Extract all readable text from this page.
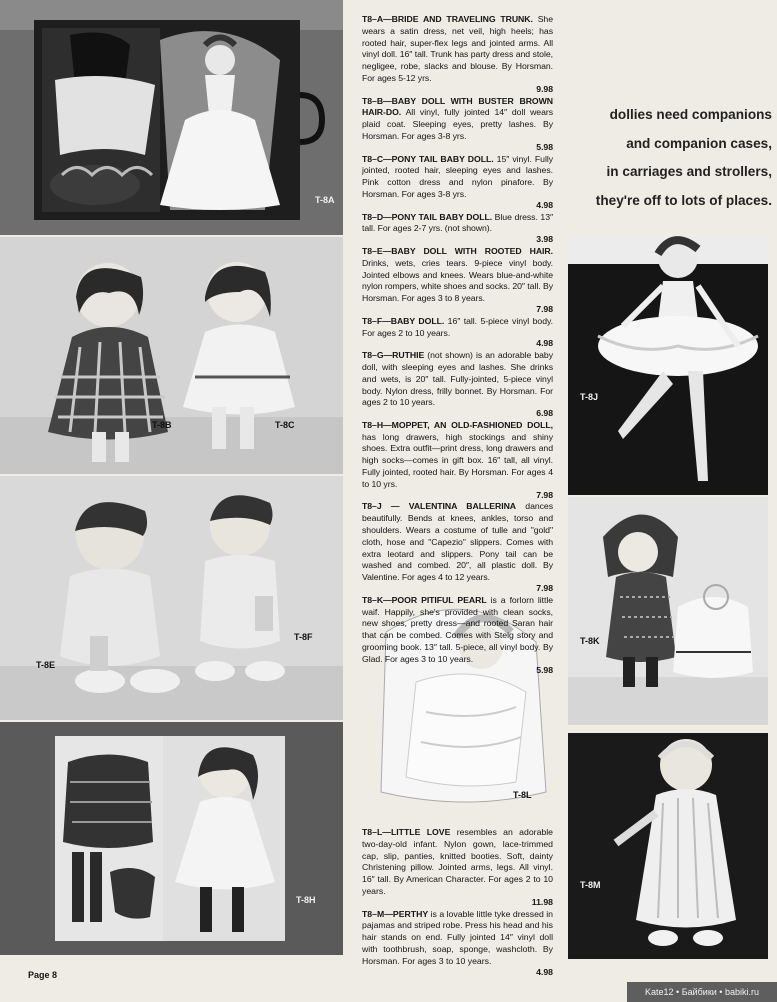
T-8A
T-8B	T-8C
T-8E
T-8F
T-8H
T-8J
T-8K
T-8L
T-8M
dollies need companions
and companion cases,
in carriages and strollers,
they're off to lots of places.

T8–A—BRIDE AND TRAVELING TRUNK. She wears a satin dress, net veil, high heels; has rooted hair, super-flex legs and jointed arms. All vinyl doll. 16″ tall. Trunk has party dress and stole, negligee, robe, slacks and blouse. By Horsman. For ages 5-12 yrs.
9.98

T8–B—BABY DOLL WITH BUSTER BROWN HAIR-DO. All vinyl, fully jointed 14″ doll wears plaid coat. Sleeping eyes, pretty lashes. By Horsman. For ages 3-8 yrs.
5.98

T8–C—PONY TAIL BABY DOLL. 15″ vinyl. Fully jointed, rooted hair, sleeping eyes and lashes. Pink cotton dress and nylon pinafore. By Horsman. For ages 3-8 yrs.
4.98

T8–D—PONY TAIL BABY DOLL. Blue dress. 13″ tall. For ages 2-7 yrs. (not shown).
3.98

T8–E—BABY DOLL WITH ROOTED HAIR. Drinks, wets, cries tears. 9-piece vinyl body. Jointed elbows and knees. Wears blue-and-white nylon rompers, white shoes and socks. 20″ tall. By Horsman. For ages 3 to 8 years.
7.98

T8–F—BABY DOLL. 16″ tall. 5-piece vinyl body. For ages 2 to 10 years.
4.98

T8–G—RUTHIE (not shown) is an adorable baby doll, with sleeping eyes and lashes. She drinks and wets, is 20″ tall. Fully-jointed, 5-piece vinyl body. Nylon dress, frilly bonnet. By Horsman. For ages 2 to 10 years.
6.98

T8–H—MOPPET, AN OLD-FASHIONED DOLL, has long drawers, high stockings and shiny shoes. Extra outfit—print dress, long drawers and high socks—comes in gift box. 16″ tall, all vinyl. Fully jointed, rooted hair. By Horsman. For ages 4 to 10 yrs.
7.98

T8–J — VALENTINA BALLERINA dances beautifully. Bends at knees, ankles, torso and shoulders. Wears a costume of tulle and "gold" cloth, hose and "Capezio" slippers. Comes with extra leotard and slippers. Pony tail can be washed and combed. 20″, all plastic doll. By Valentine. For ages 4 to 12 years.
7.98

T8–K—POOR PITIFUL PEARL is a forlorn little waif. Happily, she's provided with clean socks, new shoes, pretty dress—and rooted Saran hair that can be combed. Comes with Steig story and grooming book. 13″ tall. 5-piece, all vinyl body. By Glad. For ages 3 to 10 years.
5.98

T8–L—LITTLE LOVE resembles an adorable two-day-old infant. Nylon gown, lace-trimmed cap, slip, panties, knitted booties. Soft, dainty Christening pillow. Jointed arms, legs. All vinyl. 16″ tall. By American Character. For ages 2 to 10 years.
11.98

T8–M—PERTHY is a lovable little tyke dressed in pajamas and striped robe. Press his head and his hair stands on end. Fully jointed 14″ vinyl doll with toothbrush, soap, sponge, washcloth. By Horsman. For ages 3 to 10 years.
4.98

Page 8
Kate12 • Байбики • babiki.ru
